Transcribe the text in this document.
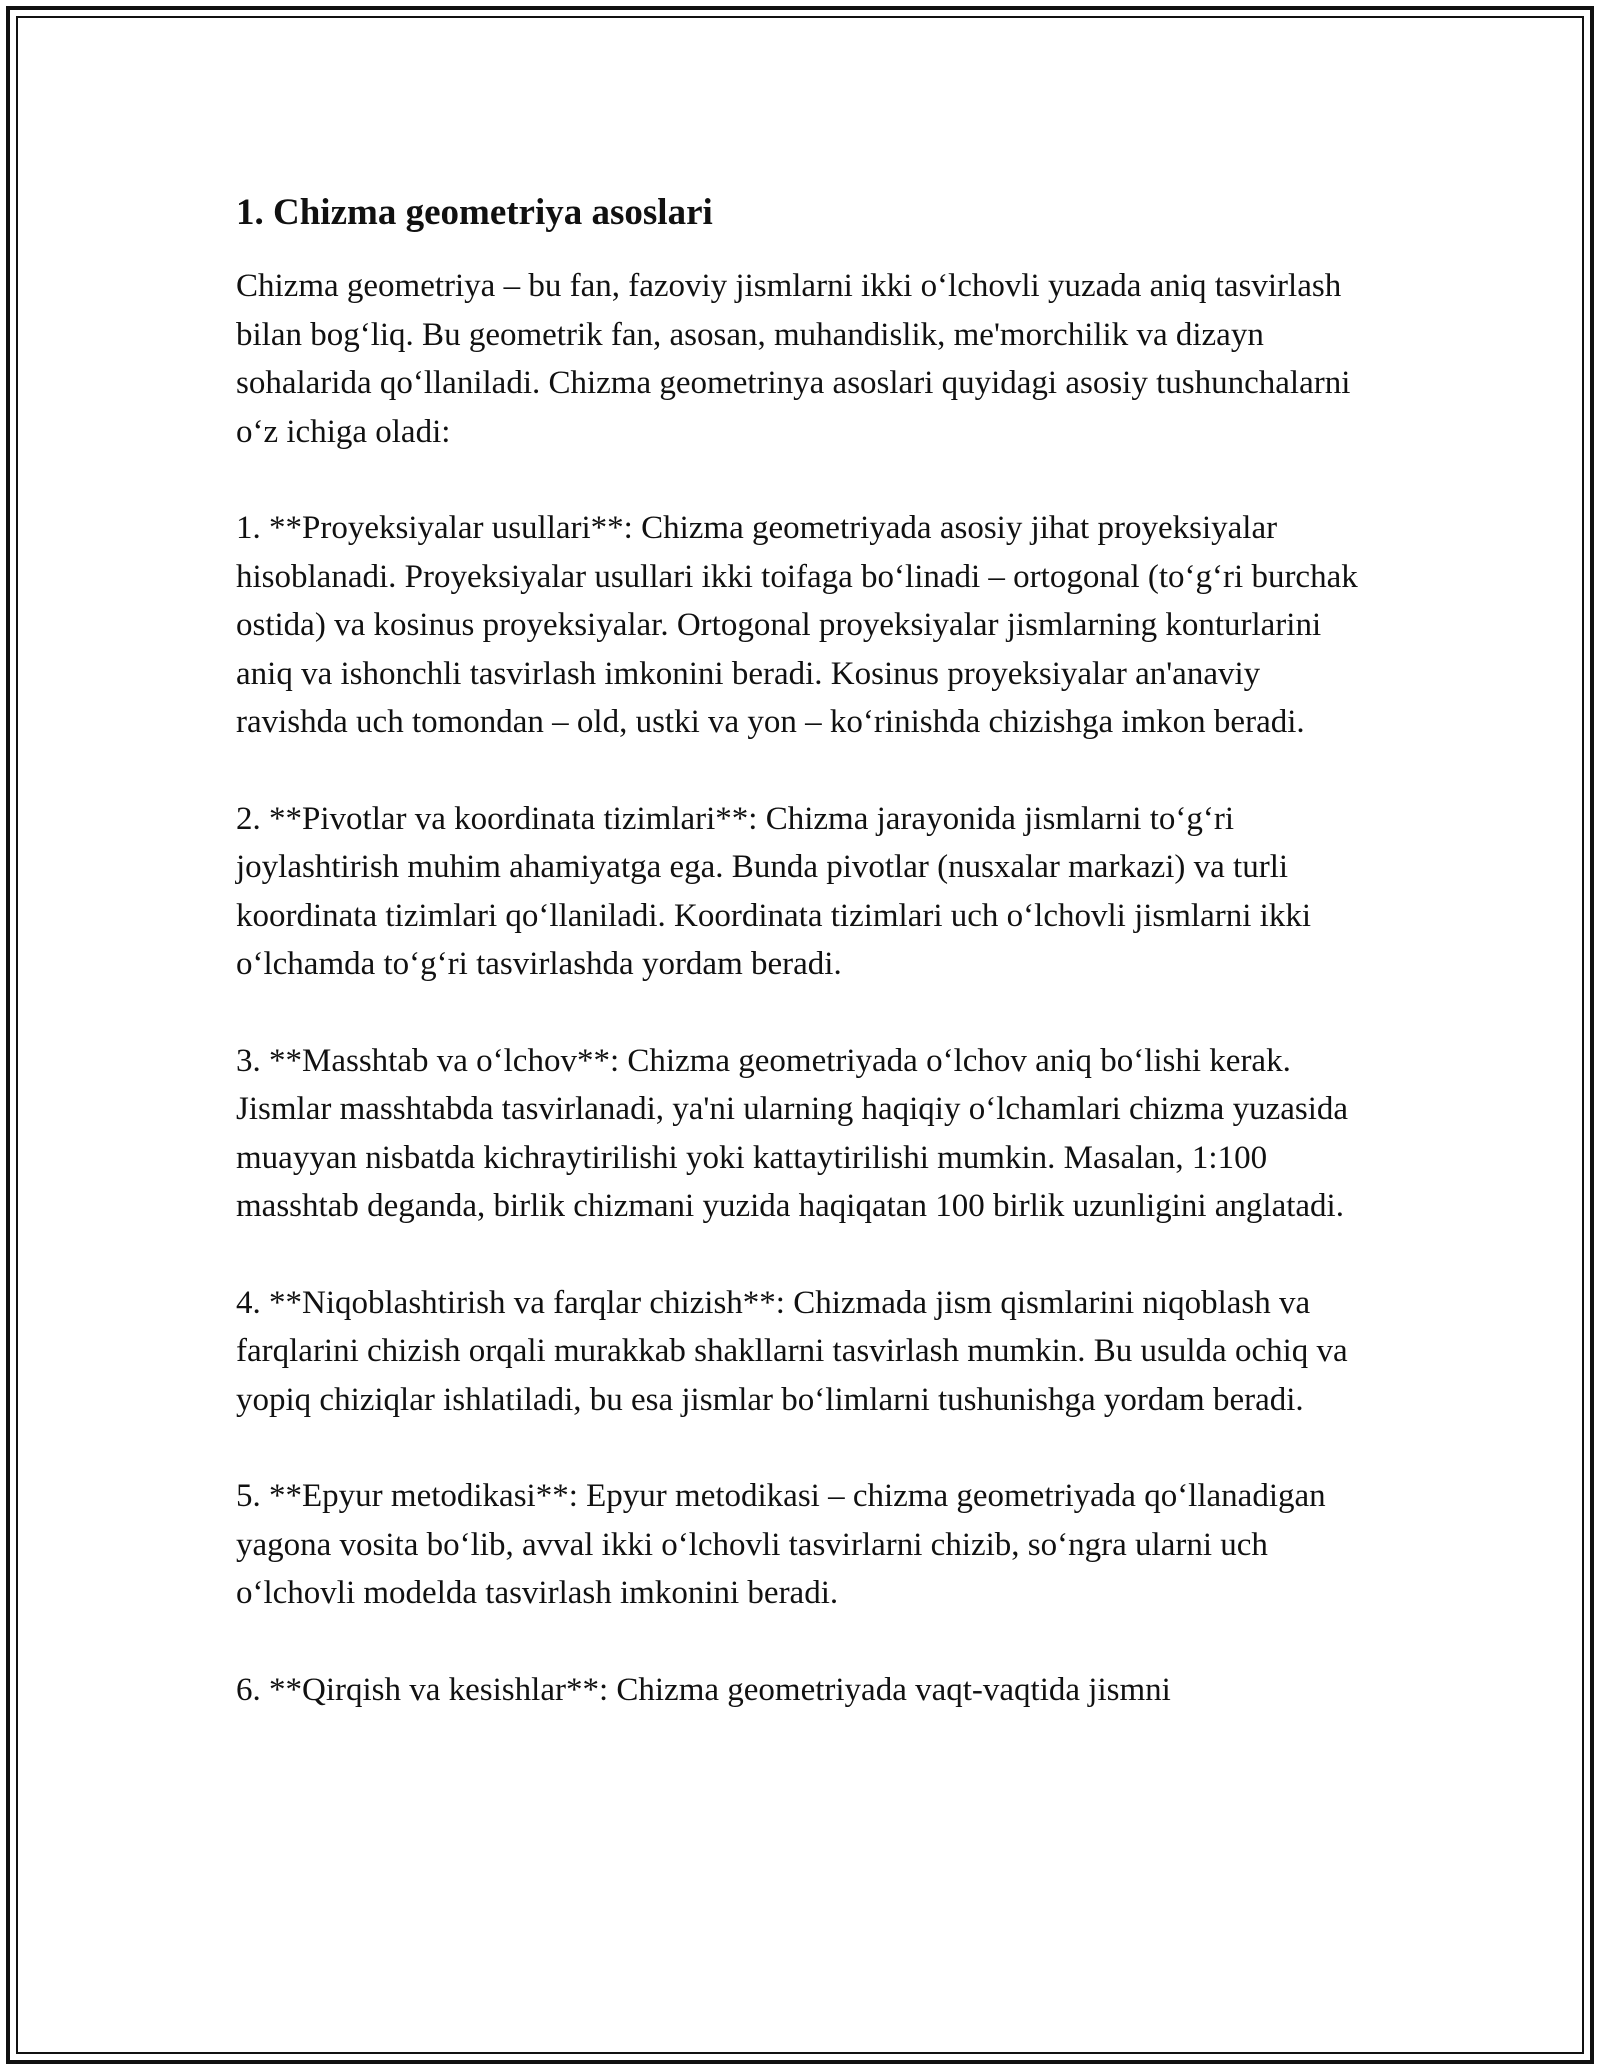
1. Chizma geometriya asoslari

Chizma geometriya – bu fan, fazoviy jismlarni ikki o‘lchovli yuzada aniq tasvirlash bilan bog‘liq. Bu geometrik fan, asosan, muhandislik, me'morchilik va dizayn sohalarida qo‘llaniladi. Chizma geometrinya asoslari quyidagi asosiy tushunchalarni o‘z ichiga oladi:

1. **Proyeksiyalar usullari**: Chizma geometriyada asosiy jihat proyeksiyalar hisoblanadi. Proyeksiyalar usullari ikki toifaga bo‘linadi – ortogonal (to‘g‘ri burchak ostida) va kosinus proyeksiyalar. Ortogonal proyeksiyalar jismlarning konturlarini aniq va ishonchli tasvirlash imkonini beradi. Kosinus proyeksiyalar an'anaviy ravishda uch tomondan – old, ustki va yon – ko‘rinishda chizishga imkon beradi.

2. **Pivotlar va koordinata tizimlari**: Chizma jarayonida jismlarni to‘g‘ri joylashtirish muhim ahamiyatga ega. Bunda pivotlar (nusxalar markazi) va turli koordinata tizimlari qo‘llaniladi. Koordinata tizimlari uch o‘lchovli jismlarni ikki o‘lchamda to‘g‘ri tasvirlashda yordam beradi.

3. **Masshtab va o‘lchov**: Chizma geometriyada o‘lchov aniq bo‘lishi kerak. Jismlar masshtabda tasvirlanadi, ya'ni ularning haqiqiy o‘lchamlari chizma yuzasida muayyan nisbatda kichraytirilishi yoki kattaytirilishi mumkin. Masalan, 1:100 masshtab deganda, birlik chizmani yuzida haqiqatan 100 birlik uzunligini anglatadi.

4. **Niqoblashtirish va farqlar chizish**: Chizmada jism qismlarini niqoblash va farqlarini chizish orqali murakkab shakllarni tasvirlash mumkin. Bu usulda ochiq va yopiq chiziqlar ishlatiladi, bu esa jismlar bo‘limlarni tushunishga yordam beradi.

5. **Epyur metodikasi**: Epyur metodikasi – chizma geometriyada qo‘llanadigan yagona vosita bo‘lib, avval ikki o‘lchovli tasvirlarni chizib, so‘ngra ularni uch o‘lchovli modelda tasvirlash imkonini beradi.

6. **Qirqish va kesishlar**: Chizma geometriyada vaqt-vaqtida jismni
